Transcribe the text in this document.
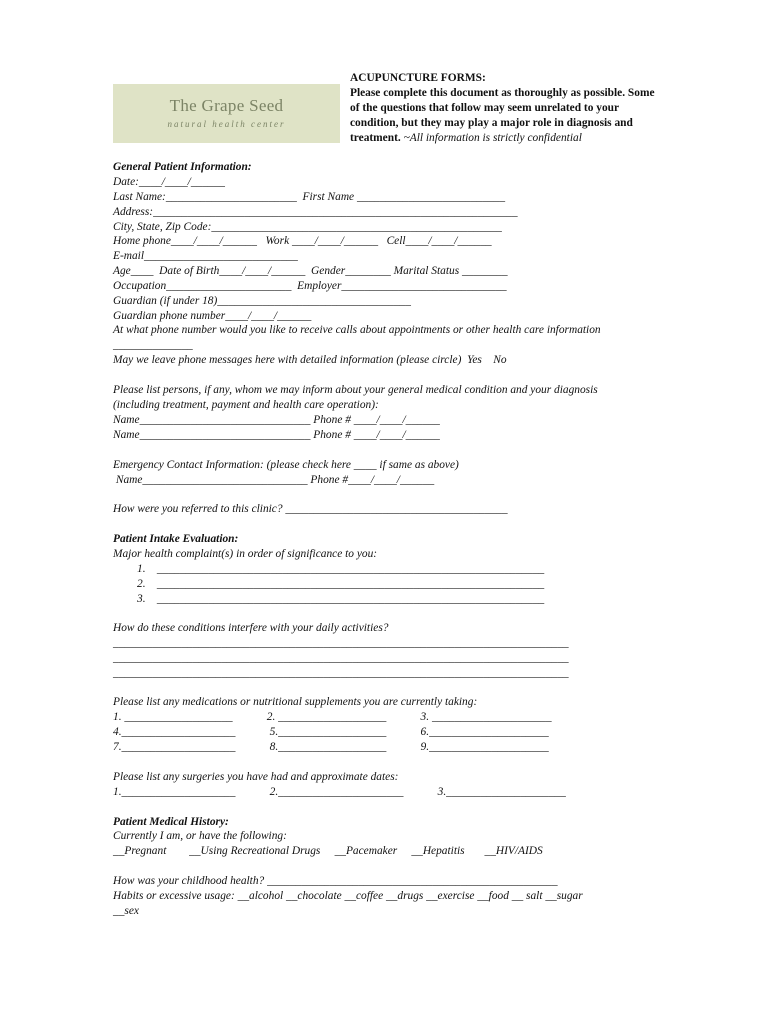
The Grape Seed
natural health center
ACUPUNCTURE FORMS:
Please complete this document as thoroughly as possible. Some of the questions that follow may seem unrelated to your condition, but they may play a major role in diagnosis and treatment. ~All information is strictly confidential
General Patient Information:
Date:____/____/______
Last Name:_______________________  First Name __________________________
Address:________________________________________________________________
City, State, Zip Code:___________________________________________________
Home phone____/____/______   Work ____/____/______   Cell____/____/______
E-mail___________________________
Age____  Date of Birth____/____/______  Gender________ Marital Status ________
Occupation______________________  Employer_____________________________
Guardian (if under 18)__________________________________
Guardian phone number____/____/______
At what phone number would you like to receive calls about appointments or other health care information
______________
May we leave phone messages here with detailed information (please circle)  Yes    No
Please list persons, if any, whom we may inform about your general medical condition and your diagnosis
(including treatment, payment and health care operation):
Name______________________________ Phone # ____/____/______
Name______________________________ Phone # ____/____/______
Emergency Contact Information: (please check here ____ if same as above)
Name_____________________________ Phone #____/____/______
How were you referred to this clinic? _______________________________________
Patient Intake Evaluation:
Major health complaint(s) in order of significance to you:
1.    ____________________________________________________________________
2.    ____________________________________________________________________
3.    ____________________________________________________________________
How do these conditions interfere with your daily activities?
________________________________________________________________________________
________________________________________________________________________________
________________________________________________________________________________
Please list any medications or nutritional supplements you are currently taking:
1. ___________________            2. ___________________            3. _____________________
4.____________________            5.___________________            6._____________________
7.____________________            8.___________________            9._____________________
Please list any surgeries you have had and approximate dates:
1.____________________            2.______________________            3._____________________
Patient Medical History:
Currently I am, or have the following:
__Pregnant        __Using Recreational Drugs     __Pacemaker     __Hepatitis       __HIV/AIDS
How was your childhood health? ___________________________________________________
Habits or excessive usage: __alcohol __chocolate __coffee __drugs __exercise __food __ salt __sugar
__sex
